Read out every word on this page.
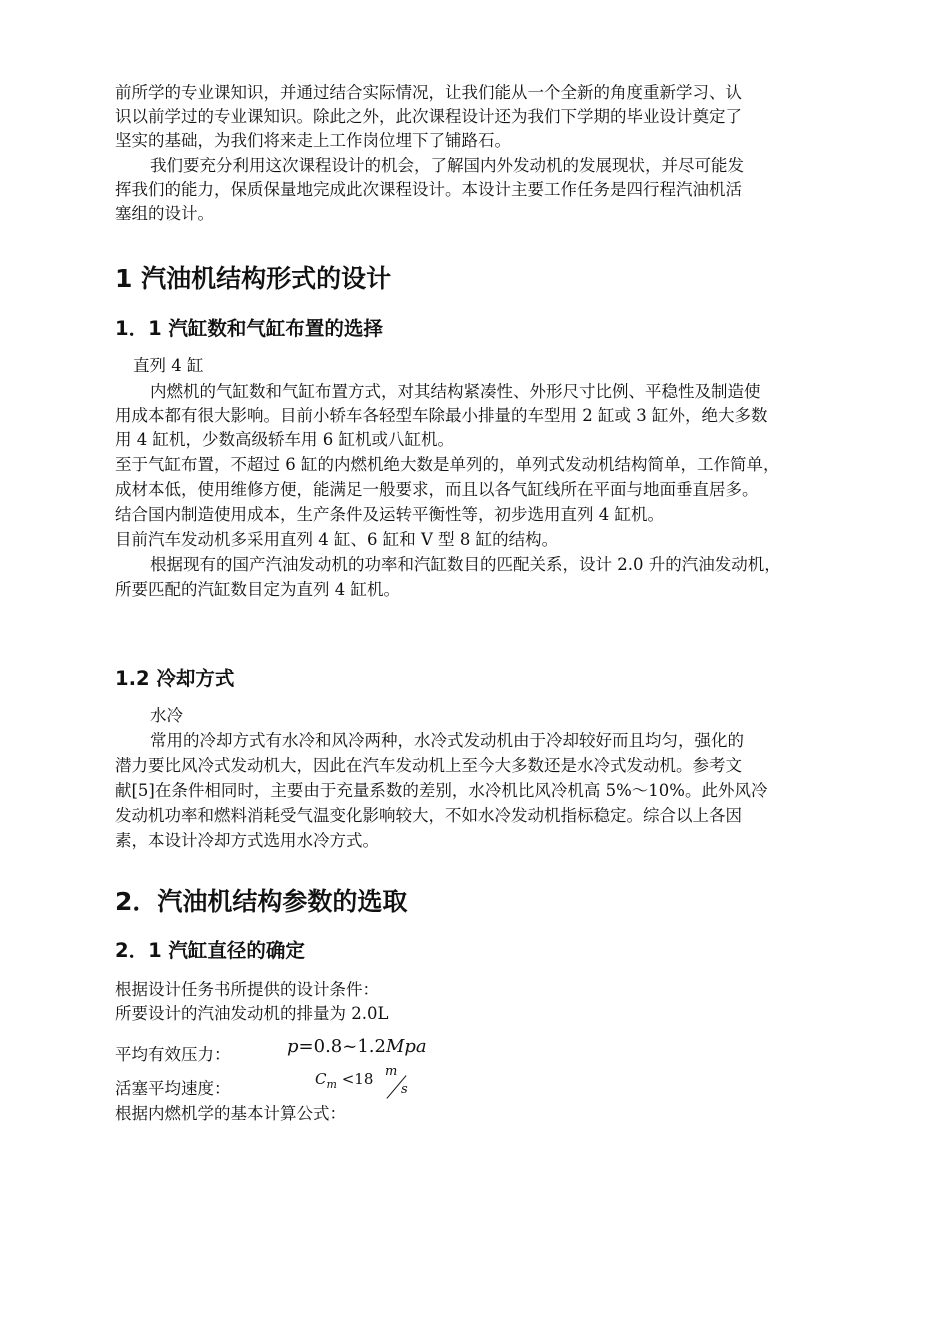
前所学的专业课知识，并通过结合实际情况，让我们能从一个全新的角度重新学习、认
识以前学过的专业课知识。除此之外，此次课程设计还为我们下学期的毕业设计奠定了
坚实的基础，为我们将来走上工作岗位埋下了铺路石。
我们要充分利用这次课程设计的机会，了解国内外发动机的发展现状，并尽可能发
挥我们的能力，保质保量地完成此次课程设计。本设计主要工作任务是四行程汽油机活
塞组的设计。
1 汽油机结构形式的设计
1．1 汽缸数和气缸布置的选择
直列 4 缸
内燃机的气缸数和气缸布置方式，对其结构紧凑性、外形尺寸比例、平稳性及制造使
用成本都有很大影响。目前小轿车各轻型车除最小排量的车型用 2 缸或 3 缸外，绝大多数
用 4 缸机，少数高级轿车用 6 缸机或八缸机。
至于气缸布置，不超过 6 缸的内燃机绝大数是单列的，单列式发动机结构简单，工作简单，
成材本低，使用维修方便，能满足一般要求，而且以各气缸线所在平面与地面垂直居多。
结合国内制造使用成本，生产条件及运转平衡性等，初步选用直列 4 缸机。
目前汽车发动机多采用直列 4 缸、6 缸和 V 型 8 缸的结构。
根据现有的国产汽油发动机的功率和汽缸数目的匹配关系，设计 2.0 升的汽油发动机，
所要匹配的汽缸数目定为直列 4 缸机。
1.2 冷却方式
水冷
常用的冷却方式有水冷和风冷两种，水冷式发动机由于冷却较好而且均匀，强化的
潜力要比风冷式发动机大，因此在汽车发动机上至今大多数还是水冷式发动机。参考文
献[5]在条件相同时，主要由于充量系数的差别，水冷机比风冷机高 5%～10%。此外风冷
发动机功率和燃料消耗受气温变化影响较大，不如水冷发动机指标稳定。综合以上各因
素，本设计冷却方式选用水冷方式。
2．汽油机结构参数的选取
2．1 汽缸直径的确定
根据设计任务书所提供的设计条件：
所要设计的汽油发动机的排量为 2.0L
平均有效压力：	p=0.8~1.2Mpa
活塞平均速度：	$C_m <18$ m
s
根据内燃机学的基本计算公式：
